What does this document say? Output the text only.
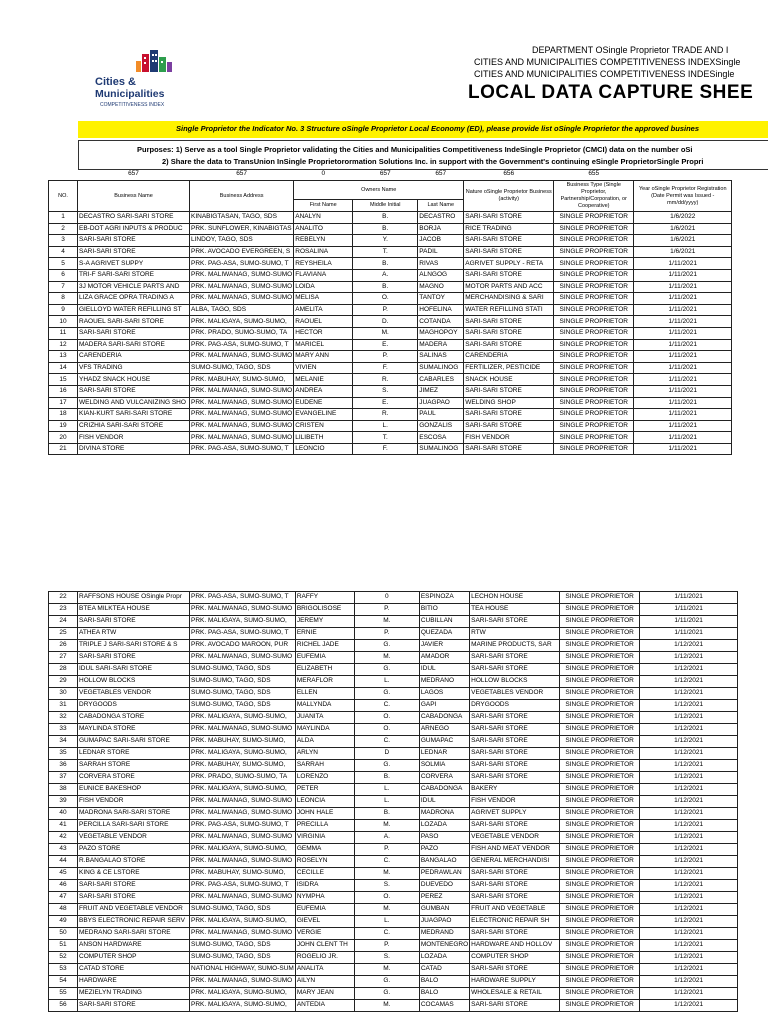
Cities &
Municipalities
COMPETITIVENESS INDEX
DEPARTMENT OSingle Proprietor TRADE AND I
CITIES AND MUNICIPALITIES COMPETITIVENESS INDEXSingle
CITIES AND MUNICIPALITIES COMPETITIVENESS INDESingle
LOCAL DATA CAPTURE SHEE
Single Proprietor the Indicator No. 3 Structure oSingle Proprietor Local Economy (ED), please provide list oSingle Proprietor the approved busines
Purposes: 1) Serve as a tool Single Proprietor validating the Cities and Municipalities Competitiveness IndeSingle Proprietor (CMCI) data on the number oSi
2) Share the data to TransUnion InSingle Proprietorormation Solutions Inc. in support with the Government's continuing eSingle ProprietorSingle Propri
	657	657	0	657	657	656	655	
NO.	Business Name	Business Address	Owners Name			Nature oSingle Proprietor Business (activity)	Business Type (Single Proprietor, Partnership/Corporation, or Cooperative)	Year oSingle Proprietor Registration (Date Permit was Issued - mm/dd/yyyy)
			First Name	Middle Initial	Last Name			
1	DECASTRO SARI-SARI STORE	KINABIGTASAN, TAGO, SDS	ANALYN	B.	DECASTRO	SARI-SARI STORE	SINGLE PROPRIETOR	1/6/2022
2	EB-DOT AGRI INPUTS & PRODUC	PRK. SUNFLOWER, KINABIGTAS	ANALITO	B.	BORJA	RICE TRADING	SINGLE PROPRIETOR	1/6/2021
3	SARI-SARI STORE	LINDOY, TAGO, SDS	REBELYN	Y.	JACOB	SARI-SARI STORE	SINGLE PROPRIETOR	1/6/2021
4	SARI-SARI STORE	PRK. AVOCADO EVERGREEN, S	ROSALINA	T.	PADIL	SARI-SARI STORE	SINGLE PROPRIETOR	1/6/2021
5	S-A AGRIVET SUPPY	PRK. PAG-ASA, SUMO-SUMO, T	REYSHEILA	B.	RIVAS	AGRIVET SUPPLY - RETA	SINGLE PROPRIETOR	1/11/2021
6	TRI-F SARI-SARI STORE	PRK. MALIWANAG, SUMO-SUMO	FLAVIANA	A.	ALNGOG	SARI-SARI STORE	SINGLE PROPRIETOR	1/11/2021
7	3J MOTOR VEHICLE PARTS AND	PRK. MALIWANAG, SUMO-SUMO	LOIDA	B.	MAGNO	MOTOR PARTS AND ACC	SINGLE PROPRIETOR	1/11/2021
8	LIZA GRACE OPRA TRADING A	PRK. MALIWANAG, SUMO-SUMO	MELISA	O.	TANTOY	MERCHANDISING & SARI	SINGLE PROPRIETOR	1/11/2021
9	GIELLOYD WATER REFILLING ST	ALBA, TAGO, SDS	AMELITA	P.	HOFELINA	WATER REFILLING STATI	SINGLE PROPRIETOR	1/11/2021
10	RAOUEL SARI-SARI STORE	PRK. MALIGAYA, SUMO-SUMO,	RAOUEL	D.	COTANDA	SARI-SARI STORE	SINGLE PROPRIETOR	1/11/2021
11	SARI-SARI STORE	PRK. PRADO, SUMO-SUMO, TA	HECTOR	M.	MAGHOPOY	SARI-SARI STORE	SINGLE PROPRIETOR	1/11/2021
12	MADERA SARI-SARI STORE	PRK. PAG-ASA, SUMO-SUMO, T	MARICEL	E.	MADERA	SARI-SARI STORE	SINGLE PROPRIETOR	1/11/2021
13	CARENDERIA	PRK. MALIWANAG, SUMO-SUMO	MARY ANN	P.	SALINAS	CARENDERIA	SINGLE PROPRIETOR	1/11/2021
14	VFS TRADING	SUMO-SUMO, TAGO, SDS	VIVIEN	F.	SUMALINOG	FERTILIZER, PESTICIDE	SINGLE PROPRIETOR	1/11/2021
15	YHADZ SNACK HOUSE	PRK. MABUHAY, SUMO-SUMO,	MELANIE	R.	CABARLES	SNACK HOUSE	SINGLE PROPRIETOR	1/11/2021
16	SARI-SARI STORE	PRK. MALIWANAG, SUMO-SUMO	ANDREA	S.	JIMEZ	SARI-SARI STORE	SINGLE PROPRIETOR	1/11/2021
17	WELDING AND VULCANIZING SHO	PRK. MALIWANAG, SUMO-SUMO	EUDENE	E.	JUAGPAO	WELDING SHOP	SINGLE PROPRIETOR	1/11/2021
18	KIAN-KURT SARI-SARI STORE	PRK. MALIWANAG, SUMO-SUMO	EVANGELINE	R.	PAUL	SARI-SARI STORE	SINGLE PROPRIETOR	1/11/2021
19	CRIZHIA SARI-SARI STORE	PRK. MALIWANAG, SUMO-SUMO	CRISTEN	L.	GONZALIS	SARI-SARI STORE	SINGLE PROPRIETOR	1/11/2021
20	FISH VENDOR	PRK. MALIWANAG, SUMO-SUMO	LILIBETH	T.	ESCOSA	FISH VENDOR	SINGLE PROPRIETOR	1/11/2021
21	DIVINA STORE	PRK. PAG-ASA, SUMO-SUMO, T	LEONCIO	F.	SUMALINOG	SARI-SARI STORE	SINGLE PROPRIETOR	1/11/2021
22	RAFFSONS HOUSE OSingle Propr	PRK. PAG-ASA, SUMO-SUMO, T	RAFFY	0	ESPINOZA	LECHON HOUSE	SINGLE PROPRIETOR	1/11/2021
23	BTEA MILKTEA HOUSE	PRK. MALIWANAG, SUMO-SUMO	BRIGOLISOSE	P.	BITIO	TEA HOUSE	SINGLE PROPRIETOR	1/11/2021
24	SARI-SARI STORE	PRK. MALIGAYA, SUMO-SUMO,	JEREMY	M.	CUBILLAN	SARI-SARI STORE	SINGLE PROPRIETOR	1/11/2021
25	ATHEA RTW	PRK. PAG-ASA, SUMO-SUMO, T	ERNIE	P.	QUEZADA	RTW	SINGLE PROPRIETOR	1/11/2021
26	TRIPLE J SARI-SARI STORE & S	PRK. AVOCADO MAROON, PUR	RICHEL JADE	G.	JAVIER	MARINE PRODUCTS, SAR	SINGLE PROPRIETOR	1/12/2021
27	SARI-SARI STORE	PRK. MALIWANAG, SUMO-SUMO	EUFEMIA	M.	AMADOR	SARI-SARI STORE	SINGLE PROPRIETOR	1/12/2021
28	IDUL SARI-SARI STORE	SUMO-SUMO, TAGO, SDS	ELIZABETH	G.	IDUL	SARI-SARI STORE	SINGLE PROPRIETOR	1/12/2021
29	HOLLOW BLOCKS	SUMO-SUMO, TAGO, SDS	MERAFLOR	L.	MEDRANO	HOLLOW BLOCKS	SINGLE PROPRIETOR	1/12/2021
30	VEGETABLES VENDOR	SUMO-SUMO, TAGO, SDS	ELLEN	G.	LAGOS	VEGETABLES VENDOR	SINGLE PROPRIETOR	1/12/2021
31	DRYGOODS	SUMO-SUMO, TAGO, SDS	MALLYNDA	C.	GAPI	DRYGOODS	SINGLE PROPRIETOR	1/12/2021
32	CABADONGA STORE	PRK. MALIGAYA, SUMO-SUMO,	JUANITA	O.	CABADONGA	SARI-SARI STORE	SINGLE PROPRIETOR	1/12/2021
33	MAYLINDA STORE	PRK. MALIWANAG, SUMO-SUMO	MAYLINDA	O.	ARNEGO	SARI-SARI STORE	SINGLE PROPRIETOR	1/12/2021
34	GUMAPAC SARI-SARI STORE	PRK. MABUHAY, SUMO-SUMO,	ALDA	C.	GUMAPAC	SARI-SARI STORE	SINGLE PROPRIETOR	1/12/2021
35	LEDNAR STORE	PRK. MALIGAYA, SUMO-SUMO,	ARLYN	D	LEDNAR	SARI-SARI STORE	SINGLE PROPRIETOR	1/12/2021
36	SARRAH STORE	PRK. MABUHAY, SUMO-SUMO,	SARRAH	G.	SOLMIA	SARI-SARI STORE	SINGLE PROPRIETOR	1/12/2021
37	CORVERA STORE	PRK. PRADO, SUMO-SUMO, TA	LORENZO	B.	CORVERA	SARI-SARI STORE	SINGLE PROPRIETOR	1/12/2021
38	EUNICE BAKESHOP	PRK. MALIGAYA, SUMO-SUMO,	PETER	L.	CABADONGA	BAKERY	SINGLE PROPRIETOR	1/12/2021
39	FISH VENDOR	PRK. MALIWANAG, SUMO-SUMO	LEONCIA	L.	IDUL	FISH VENDOR	SINGLE PROPRIETOR	1/12/2021
40	MADRONA SARI-SARI STORE	PRK. MALIWANAG, SUMO-SUMO	JOHN HALE	B.	MADRONA	AGRIVET SUPPLY	SINGLE PROPRIETOR	1/12/2021
41	PERCILLA SARI-SARI STORE	PRK. PAG-ASA, SUMO-SUMO, T	PRECILLA	M.	LOZADA	SARI-SARI STORE	SINGLE PROPRIETOR	1/12/2021
42	VEGETABLE VENDOR	PRK. MALIWANAG, SUMO-SUMO	VIRGINIA	A.	PASO	VEGETABLE VENDOR	SINGLE PROPRIETOR	1/12/2021
43	PAZO STORE	PRK. MALIGAYA, SUMO-SUMO,	GEMMA	P.	PAZO	FISH AND MEAT VENDOR	SINGLE PROPRIETOR	1/12/2021
44	R.BANGALAO STORE	PRK. MALIWANAG, SUMO-SUMO	ROSELYN	C.	BANGALAO	GENERAL MERCHANDISI	SINGLE PROPRIETOR	1/12/2021
45	KING & CE LSTORE	PRK. MABUHAY, SUMO-SUMO,	CECILLE	M.	PEDRAWLAN	SARI-SARI STORE	SINGLE PROPRIETOR	1/12/2021
46	SARI-SARI STORE	PRK. PAG-ASA, SUMO-SUMO, T	ISIDRA	S.	DUEVEDO	SARI-SARI STORE	SINGLE PROPRIETOR	1/12/2021
47	SARI-SARI STORE	PRK. MALIWANAG, SUMO-SUMO	NYMPHA	O.	PEREZ	SARI-SARI STORE	SINGLE PROPRIETOR	1/12/2021
48	FRUIT AND VEGETABLE VENDOR	SUMO-SUMO, TAGO, SDS	EUFEMIA	M.	GUMBAN	FRUIT AND VEGETABLE	SINGLE PROPRIETOR	1/12/2021
49	BBYS ELECTRONIC REPAIR SERV	PRK. MALIGAYA, SUMO-SUMO,	GIEVEL	L.	JUAGPAO	ELECTRONIC REPAIR SH	SINGLE PROPRIETOR	1/12/2021
50	MEDRANO SARI-SARI STORE	PRK. MALIWANAG, SUMO-SUMO	VERGIE	C.	MEDRAND	SARI-SARI STORE	SINGLE PROPRIETOR	1/12/2021
51	ANSON HARDWARE	SUMO-SUMO, TAGO, SDS	JOHN CLENT TH	P.	MONTENEGRO	HARDWARE AND HOLLOV	SINGLE PROPRIETOR	1/12/2021
52	COMPUTER SHOP	SUMO-SUMO, TAGO, SDS	ROGELIO JR.	S.	LOZADA	COMPUTER SHOP	SINGLE PROPRIETOR	1/12/2021
53	CATAD STORE	NATIONAL HIGHWAY, SUMO-SUM	ANALITA	M.	CATAD	SARI-SARI STORE	SINGLE PROPRIETOR	1/12/2021
54	HARDWARE	PRK. MALIWANAG, SUMO-SUMO	AILYN	G.	BALO	HARDWARE SUPPLY	SINGLE PROPRIETOR	1/12/2021
55	MEZIELYN TRADING	PRK. MALIGAYA, SUMO-SUMO,	MARY JEAN	G.	BALO	WHOLESALE & RETAIL	SINGLE PROPRIETOR	1/12/2021
56	SARI-SARI STORE	PRK. MALIGAYA, SUMO-SUMO,	ANTEDIA	M.	COCAMAS	SARI-SARI STORE	SINGLE PROPRIETOR	1/12/2021
